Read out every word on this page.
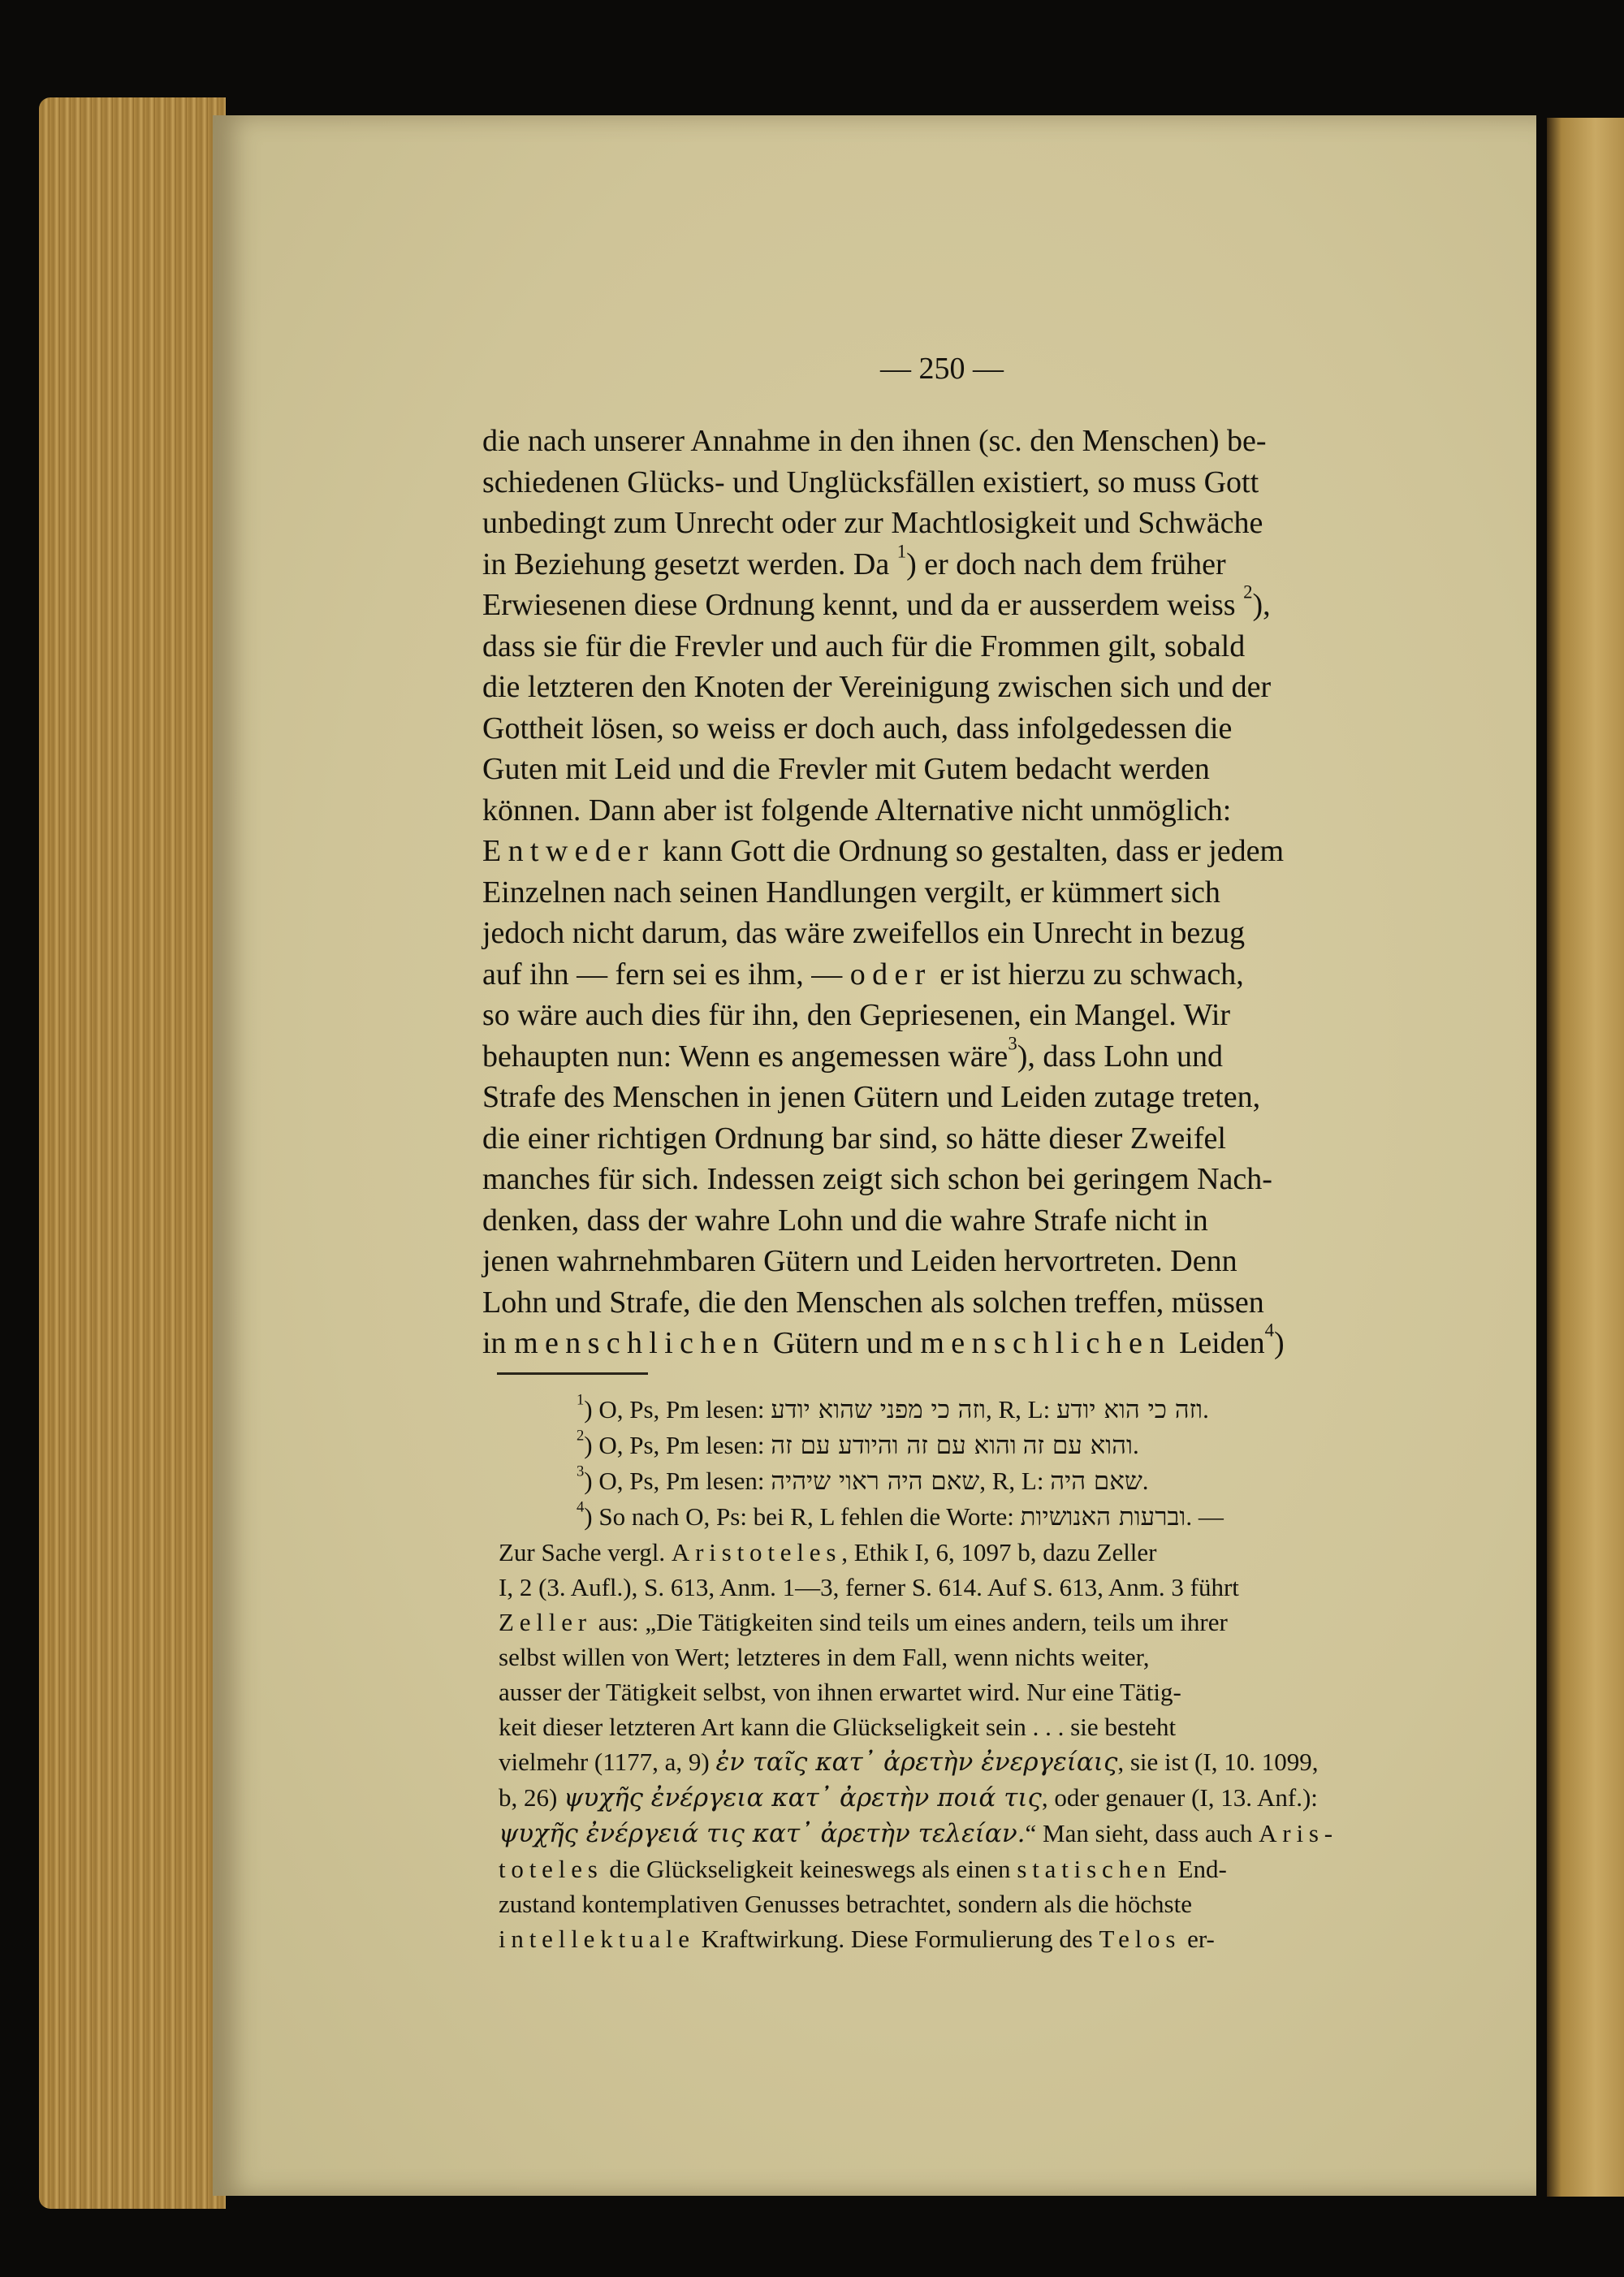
— 250 —
die nach unserer Annahme in den ihnen (sc. den Menschen) be-
schiedenen Glücks- und Unglücksfällen existiert, so muss Gott
unbedingt zum Unrecht oder zur Machtlosigkeit und Schwäche
in Beziehung gesetzt werden. Da $^1$) er doch nach dem früher
Erwiesenen diese Ordnung kennt, und da er ausserdem weiss $^2$),
dass sie für die Frevler und auch für die Frommen gilt, sobald
die letzteren den Knoten der Vereinigung zwischen sich und der
Gottheit lösen, so weiss er doch auch, dass infolgedessen die
Guten mit Leid und die Frevler mit Gutem bedacht werden
können. Dann aber ist folgende Alternative nicht unmöglich:
Entweder kann Gott die Ordnung so gestalten, dass er jedem
Einzelnen nach seinen Handlungen vergilt, er kümmert sich
jedoch nicht darum, das wäre zweifellos ein Unrecht in bezug
auf ihn — fern sei es ihm, — oder er ist hierzu zu schwach,
so wäre auch dies für ihn, den Gepriesenen, ein Mangel. Wir
behaupten nun: Wenn es angemessen wäre$^3$), dass Lohn und
Strafe des Menschen in jenen Gütern und Leiden zutage treten,
die einer richtigen Ordnung bar sind, so hätte dieser Zweifel
manches für sich. Indessen zeigt sich schon bei geringem Nach-
denken, dass der wahre Lohn und die wahre Strafe nicht in
jenen wahrnehmbaren Gütern und Leiden hervortreten. Denn
Lohn und Strafe, die den Menschen als solchen treffen, müssen
in menschlichen Gütern und menschlichen Leiden$^4$)
$^1$) O, Ps, Pm lesen: וזה כי מפני שהוא יודע, R, L: וזה כי הוא יודע.
$^2$) O, Ps, Pm lesen: והוא עם זה והיודע עם זה והוא עם זה.
$^3$) O, Ps, Pm lesen: שאם היה ראוי שיהיה, R, L: שאם היה.
$^4$) So nach O, Ps: bei R, L fehlen die Worte: וברעות האנושיות. —
Zur Sache vergl. Aristoteles, Ethik I, 6, 1097 b, dazu Zeller
I, 2 (3. Aufl.), S. 613, Anm. 1—3, ferner S. 614. Auf S. 613, Anm. 3 führt
Zeller aus: „Die Tätigkeiten sind teils um eines andern, teils um ihrer
selbst willen von Wert; letzteres in dem Fall, wenn nichts weiter,
ausser der Tätigkeit selbst, von ihnen erwartet wird. Nur eine Tätig-
keit dieser letzteren Art kann die Glückseligkeit sein . . . sie besteht
vielmehr (1177, a, 9) ἐν ταῖς κατ᾽ ἀρετὴν ἐνεργείαις, sie ist (I, 10. 1099,
b, 26) ψυχῆς ἐνέργεια κατ᾽ ἀρετὴν ποιά τις, oder genauer (I, 13. Anf.):
ψυχῆς ἐνέργειά τις κατ᾽ ἀρετὴν τελείαν.“ Man sieht, dass auch Aris-
toteles die Glückseligkeit keineswegs als einen statischen End-
zustand kontemplativen Genusses betrachtet, sondern als die höchste
intellektuale Kraftwirkung. Diese Formulierung des Telos er-
